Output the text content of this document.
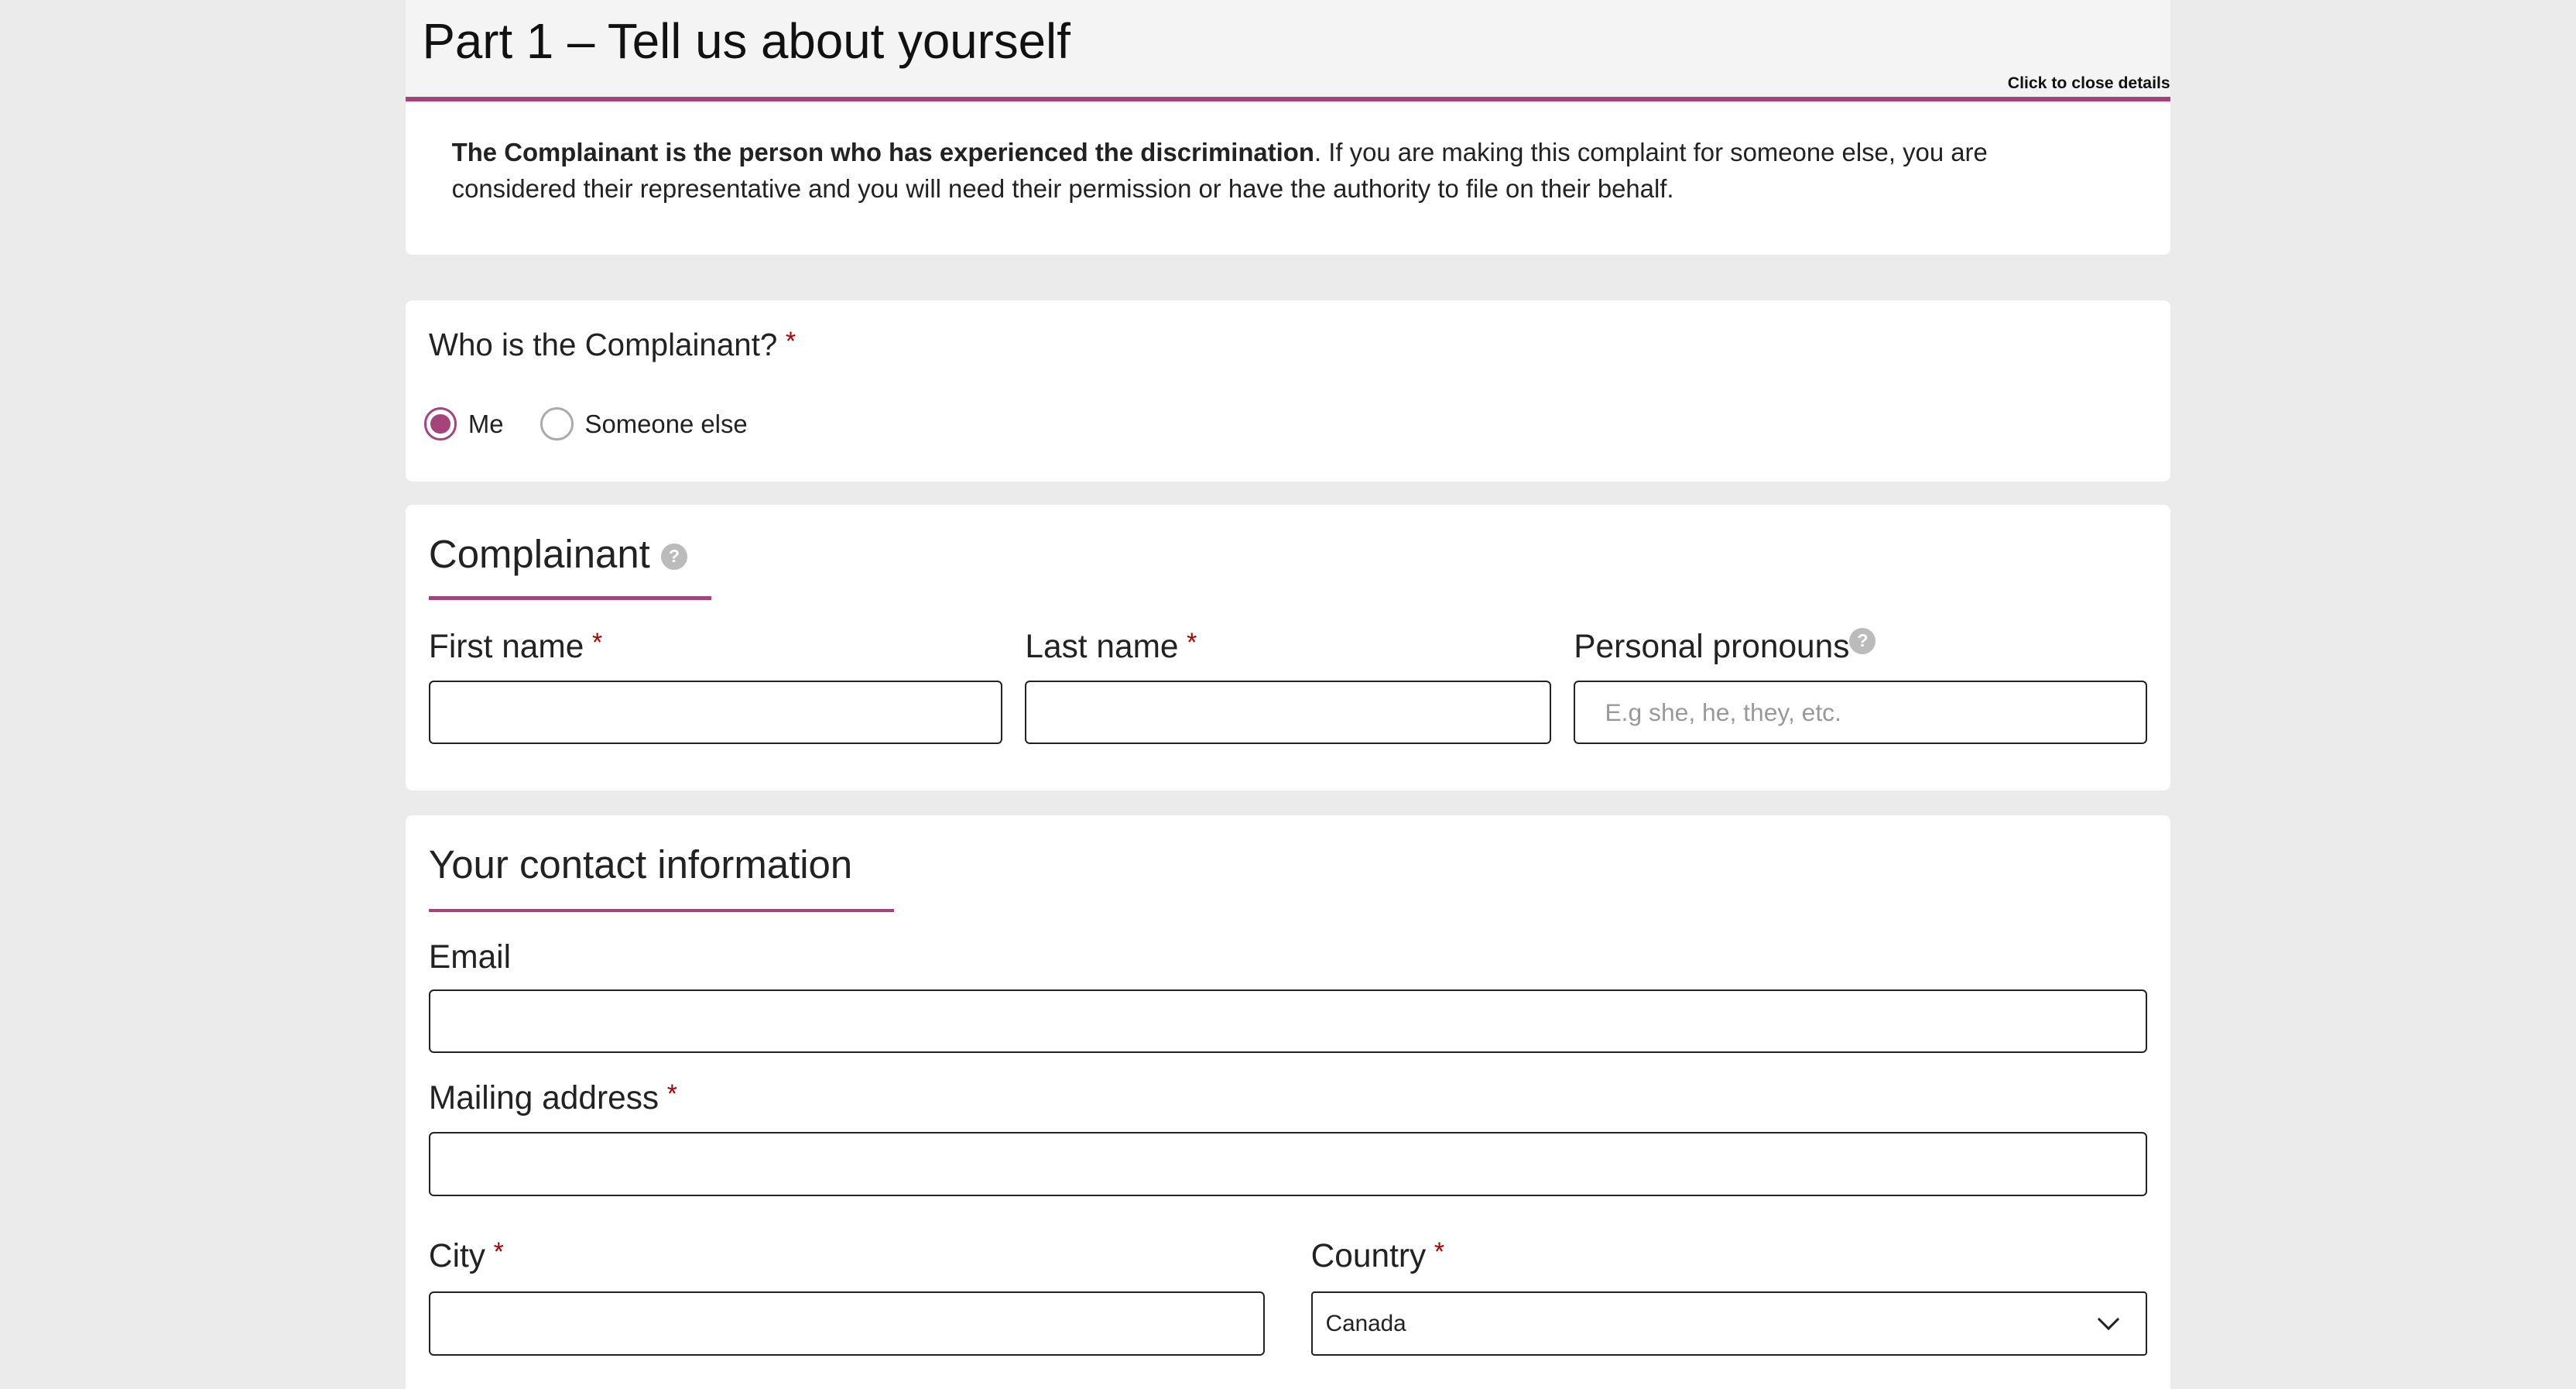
Part 1 – Tell us about yourself
Click to close details

The Complainant is the person who has experienced the discrimination. If you are making this complaint for someone else, you are considered their representative and you will need their permission or have the authority to file on their behalf.

Who is the Complainant? *
Me	Someone else
Complainant ?
First name *	Last name *	Personal pronouns ?
E.g she, he, they, etc.
Your contact information
Email
Mailing address *
City *	Country *
Canada
